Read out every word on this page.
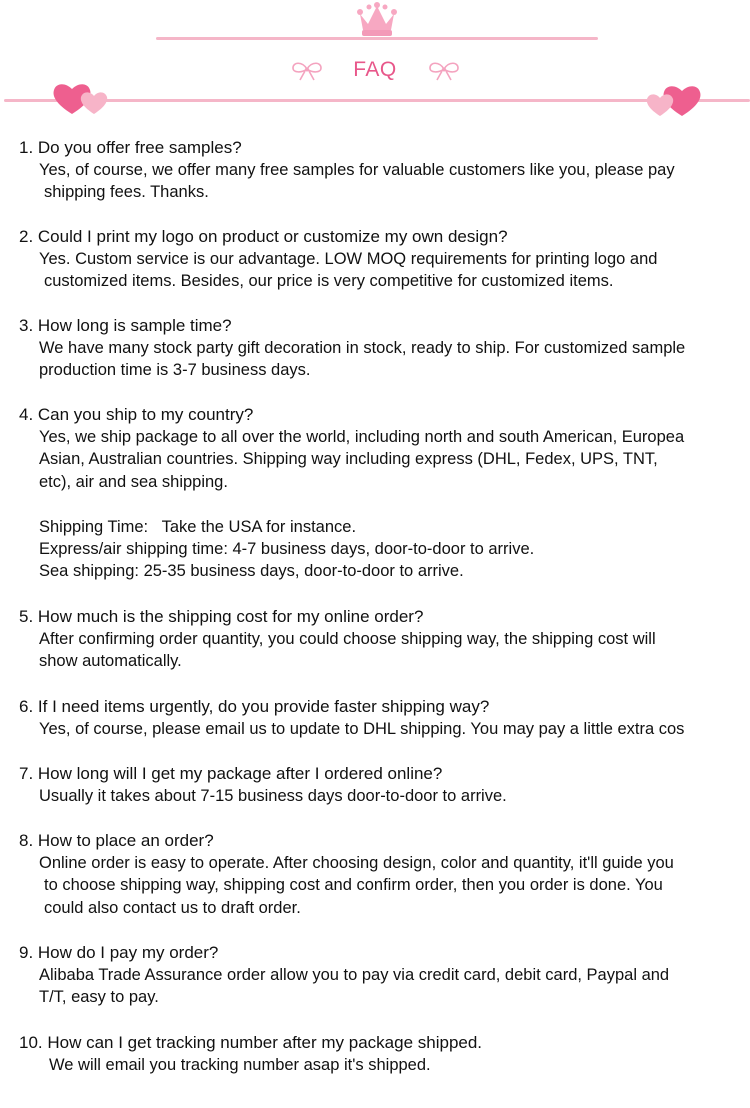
FAQ
1. Do you offer free samples?
Yes, of course, we offer many free samples for valuable customers like you, please pay
shipping fees. Thanks.
2. Could I print my logo on product or customize my own design?
Yes. Custom service is our advantage. LOW MOQ requirements for printing logo and
customized items. Besides, our price is very competitive for customized items.
3. How long is sample time?
We have many stock party gift decoration in stock, ready to ship. For customized sample
production time is 3-7 business days.
4. Can you ship to my country?
Yes, we ship package to all over the world, including north and south American, Europea
Asian, Australian countries. Shipping way including express (DHL, Fedex, UPS, TNT,
etc), air and sea shipping.
Shipping Time:   Take the USA for instance.
Express/air shipping time: 4-7 business days, door-to-door to arrive.
Sea shipping: 25-35 business days, door-to-door to arrive.
5. How much is the shipping cost for my online order?
After confirming order quantity, you could choose shipping way, the shipping cost will
show automatically.
6. If I need items urgently, do you provide faster shipping way?
Yes, of course, please email us to update to DHL shipping. You may pay a little extra cos
7. How long will I get my package after I ordered online?
Usually it takes about 7-15 business days door-to-door to arrive.
8. How to place an order?
Online order is easy to operate. After choosing design, color and quantity, it'll guide you
to choose shipping way, shipping cost and confirm order, then you order is done. You
could also contact us to draft order.
9. How do I pay my order?
Alibaba Trade Assurance order allow you to pay via credit card, debit card, Paypal and
T/T, easy to pay.
10. How can I get tracking number after my package shipped.
We will email you tracking number asap it's shipped.
